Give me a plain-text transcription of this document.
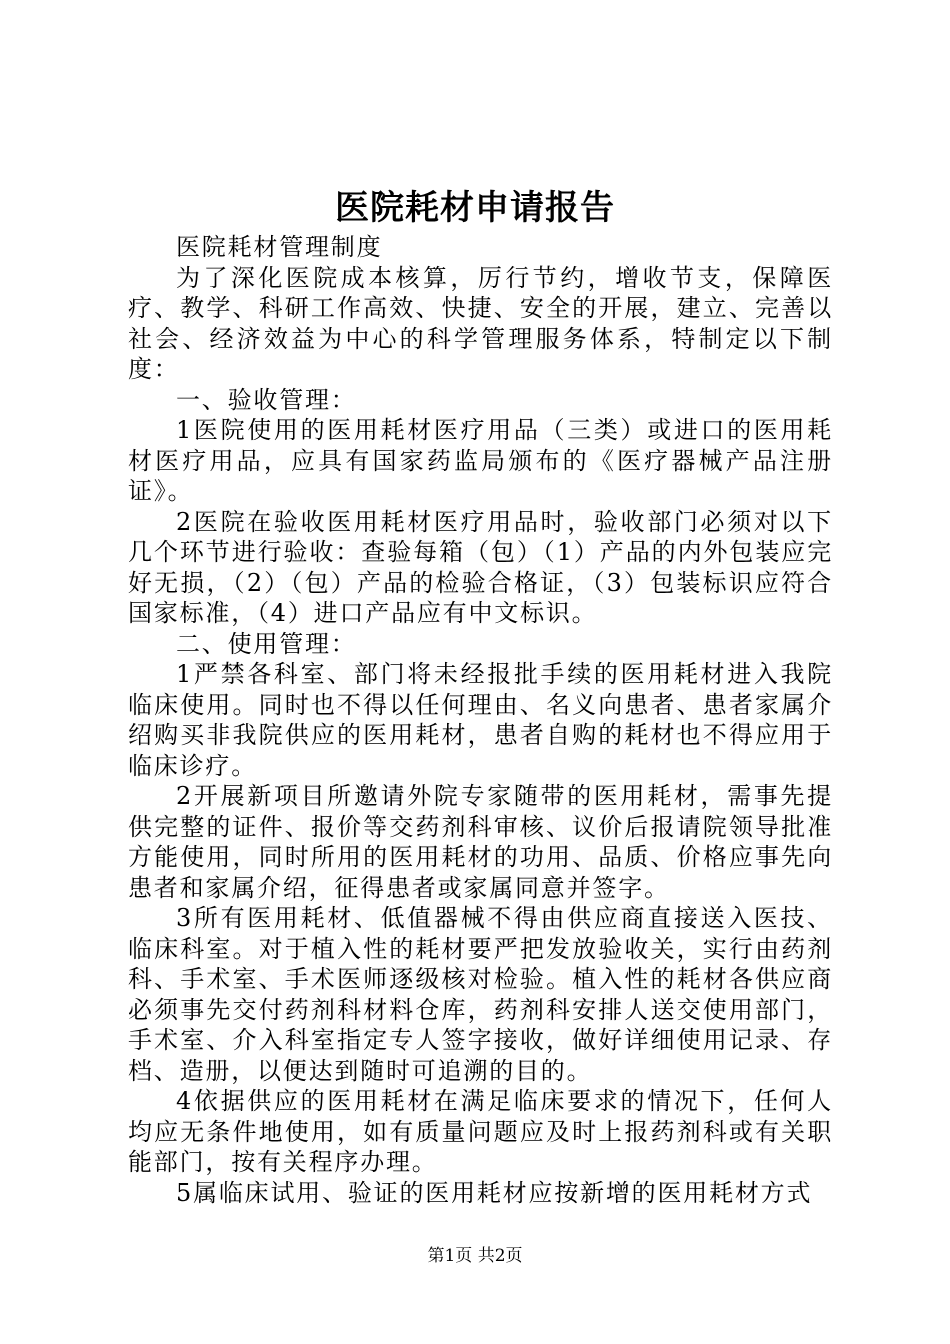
医院耗材申请报告

医院耗材管理制度

为了深化医院成本核算，厉行节约，增收节支，保障医疗、教学、科研工作高效、快捷、安全的开展，建立、完善以社会、经济效益为中心的科学管理服务体系，特制定以下制度：

一、验收管理：

1医院使用的医用耗材医疗用品（三类）或进口的医用耗材医疗用品，应具有国家药监局颁布的《医疗器械产品注册证》。

2医院在验收医用耗材医疗用品时，验收部门必须对以下几个环节进行验收：查验每箱（包）（1）产品的内外包装应完好无损，（2）（包）产品的检验合格证，（3）包装标识应符合国家标准，（4）进口产品应有中文标识。

二、使用管理：

1严禁各科室、部门将未经报批手续的医用耗材进入我院临床使用。同时也不得以任何理由、名义向患者、患者家属介绍购买非我院供应的医用耗材，患者自购的耗材也不得应用于临床诊疗。

2开展新项目所邀请外院专家随带的医用耗材，需事先提供完整的证件、报价等交药剂科审核、议价后报请院领导批准方能使用，同时所用的医用耗材的功用、品质、价格应事先向患者和家属介绍，征得患者或家属同意并签字。

3所有医用耗材、低值器械不得由供应商直接送入医技、临床科室。对于植入性的耗材要严把发放验收关，实行由药剂科、手术室、手术医师逐级核对检验。植入性的耗材各供应商必须事先交付药剂科材料仓库，药剂科安排人送交使用部门，手术室、介入科室指定专人签字接收，做好详细使用记录、存档、造册，以便达到随时可追溯的目的。

4依据供应的医用耗材在满足临床要求的情况下，任何人均应无条件地使用，如有质量问题应及时上报药剂科或有关职能部门，按有关程序办理。

5属临床试用、验证的医用耗材应按新增的医用耗材方式

第1页 共2页
